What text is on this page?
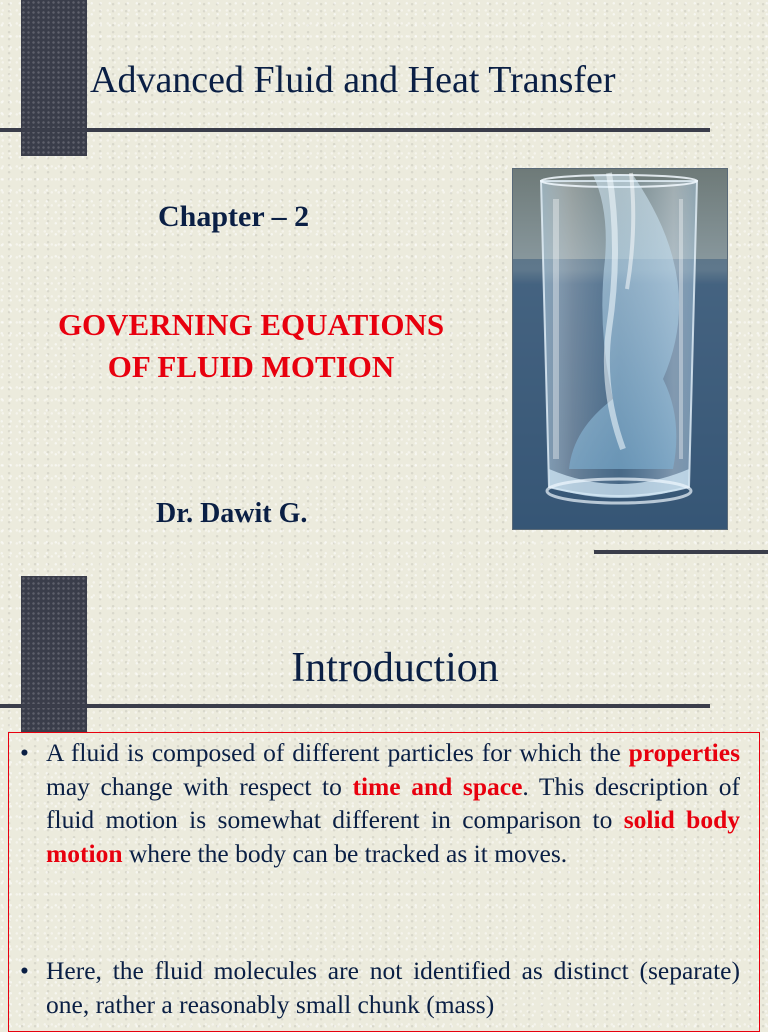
Advanced Fluid and Heat Transfer
Chapter – 2
GOVERNING EQUATIONS
OF FLUID MOTION
Dr. Dawit G.
Introduction
• A fluid is composed of different particles for which the properties may change with respect to time and space. This description of fluid motion is somewhat different in comparison to solid body motion where the body can be tracked as it moves.
• Here, the fluid molecules are not identified as distinct (separate) one, rather a reasonably small chunk (mass)
